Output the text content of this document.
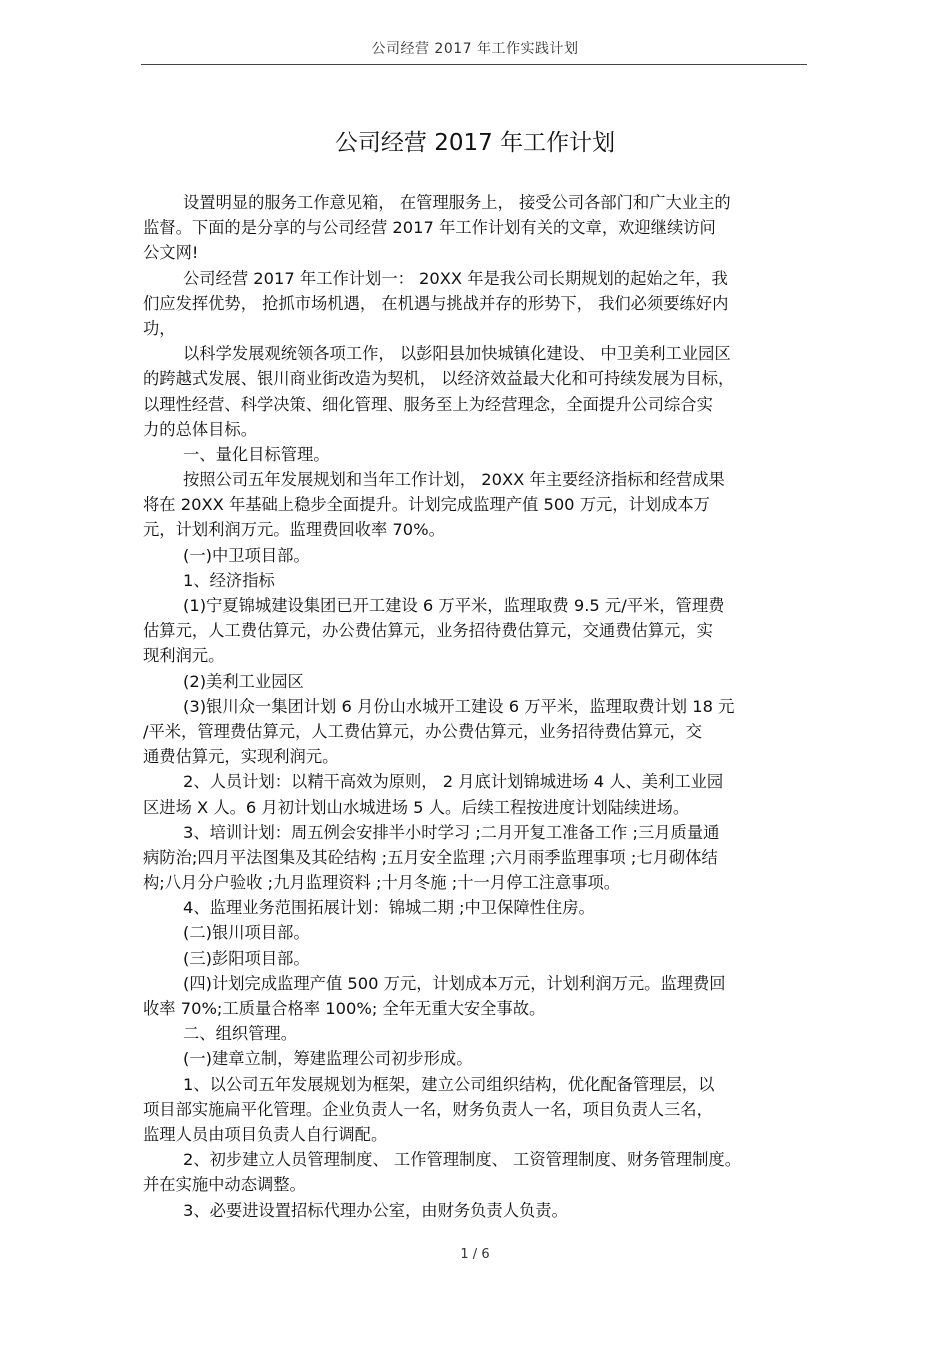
公司经营 2017 年工作实践计划
公司经营 2017 年工作计划
设置明显的服务工作意见箱， 在管理服务上， 接受公司各部门和广大业主的
监督。下面的是分享的与公司经营 2017 年工作计划有关的文章，欢迎继续访问
公文网!
公司经营 2017 年工作计划一： 20XX 年是我公司长期规划的起始之年，我
们应发挥优势， 抢抓市场机遇， 在机遇与挑战并存的形势下， 我们必须要练好内
功，
以科学发展观统领各项工作， 以彭阳县加快城镇化建设、 中卫美利工业园区
的跨越式发展、银川商业街改造为契机， 以经济效益最大化和可持续发展为目标，
以理性经营、科学决策、细化管理、服务至上为经营理念，全面提升公司综合实
力的总体目标。
一、量化目标管理。
按照公司五年发展规划和当年工作计划， 20XX 年主要经济指标和经营成果
将在 20XX 年基础上稳步全面提升。计划完成监理产值 500 万元，计划成本万
元，计划利润万元。监理费回收率 70%。
(一)中卫项目部。
1、经济指标
(1)宁夏锦城建设集团已开工建设 6 万平米，监理取费 9.5 元/平米，管理费
估算元，人工费估算元，办公费估算元，业务招待费估算元，交通费估算元，实
现利润元。
(2)美利工业园区
(3)银川众一集团计划 6 月份山水城开工建设 6 万平米，监理取费计划 18 元
/平米，管理费估算元，人工费估算元，办公费估算元，业务招待费估算元，交
通费估算元，实现利润元。
2、人员计划：以精干高效为原则， 2 月底计划锦城进场 4 人、美利工业园
区进场 X 人。6 月初计划山水城进场 5 人。后续工程按进度计划陆续进场。
3、培训计划：周五例会安排半小时学习 ;二月开复工准备工作 ;三月质量通
病防治;四月平法图集及其砼结构 ;五月安全监理 ;六月雨季监理事项 ;七月砌体结
构;八月分户验收 ;九月监理资料 ;十月冬施 ;十一月停工注意事项。
4、监理业务范围拓展计划：锦城二期 ;中卫保障性住房。
(二)银川项目部。
(三)彭阳项目部。
(四)计划完成监理产值 500 万元，计划成本万元，计划利润万元。监理费回
收率 70%;工质量合格率 100%; 全年无重大安全事故。
二、组织管理。
(一)建章立制，筹建监理公司初步形成。
1、以公司五年发展规划为框架，建立公司组织结构，优化配备管理层，以
项目部实施扁平化管理。企业负责人一名，财务负责人一名，项目负责人三名，
监理人员由项目负责人自行调配。
2、初步建立人员管理制度、 工作管理制度、 工资管理制度、财务管理制度。
并在实施中动态调整。
3、必要进设置招标代理办公室，由财务负责人负责。
1 / 6
